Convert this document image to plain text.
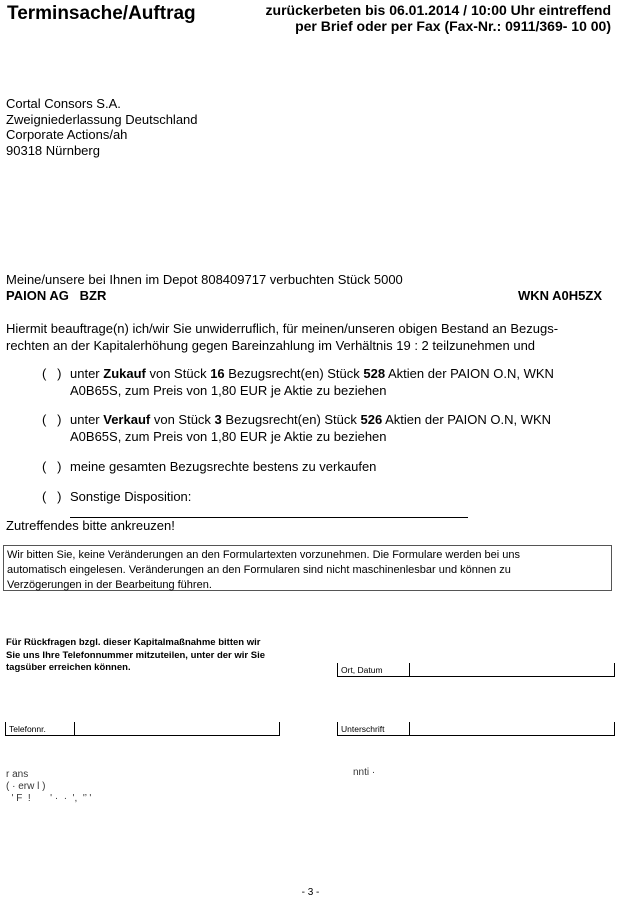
Terminsache/Auftrag	zurückerbeten bis 06.01.2014 / 10:00 Uhr eintreffend
per Brief oder per Fax (Fax-Nr.: 0911/369- 10 00)
Cortal Consors S.A.
Zweigniederlassung Deutschland
Corporate Actions/ah
90318 Nürnberg
Meine/unsere bei Ihnen im Depot 808409717 verbuchten Stück 5000
PAION AG   BZR	WKN A0H5ZX
Hiermit beauftrage(n) ich/wir Sie unwiderruflich, für meinen/unseren obigen Bestand an Bezugs-
rechten an der Kapitalerhöhung gegen Bareinzahlung im Verhältnis 19 : 2 teilzunehmen und
(   ) unter Zukauf von Stück 16 Bezugsrecht(en) Stück 528 Aktien der PAION O.N, WKN
A0B65S, zum Preis von 1,80 EUR je Aktie zu beziehen
(   ) unter Verkauf von Stück 3 Bezugsrecht(en) Stück 526 Aktien der PAION O.N, WKN
A0B65S, zum Preis von 1,80 EUR je Aktie zu beziehen
(   ) meine gesamten Bezugsrechte bestens zu verkaufen
(   ) Sonstige Disposition:
Zutreffendes bitte ankreuzen!
Wir bitten Sie, keine Veränderungen an den Formulartexten vorzunehmen. Die Formulare werden bei uns
automatisch eingelesen. Veränderungen an den Formularen sind nicht maschinenlesbar und können zu
Verzögerungen in der Bearbeitung führen.
Für Rückfragen bzgl. dieser Kapitalmaßnahme bitten wir
Sie uns Ihre Telefonnummer mitzuteilen, unter der wir Sie
tagsüber erreichen können.	Ort, Datum
Telefonnr.	Unterschrift
r ans
( · erw l )
' F  !       ' ·  ·  ',  '’ '
nnti ·
- 3 -
